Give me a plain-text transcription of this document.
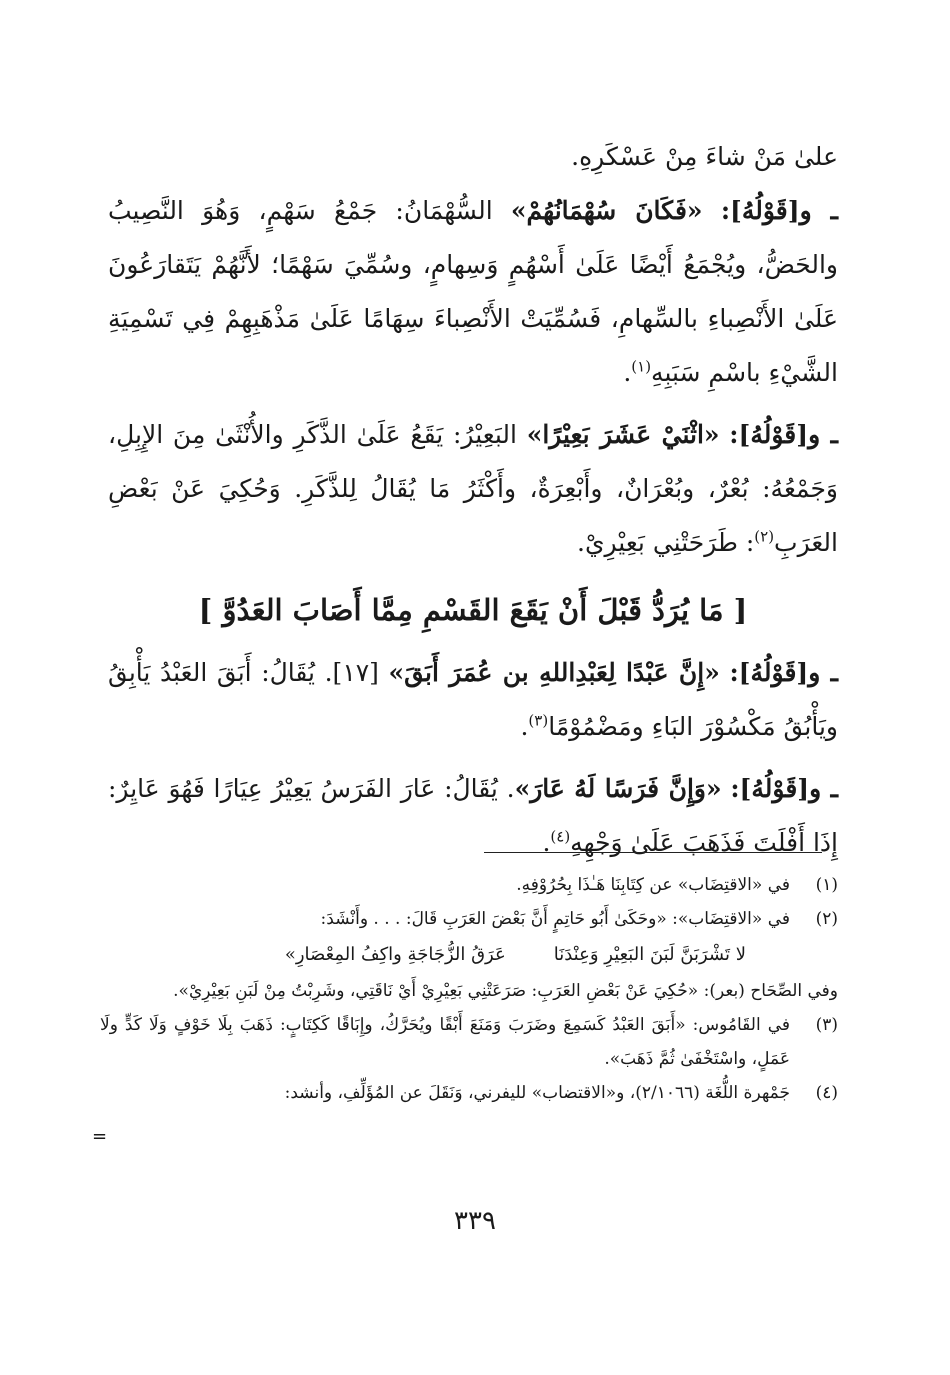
علىٰ مَنْ شاءَ مِنْ عَسْكَرِهِ.

ـ و[قَوْلُهُ]: «فَكَانَ سُهْمَانُهُمْ» السُّهْمَانُ: جَمْعُ سَهْمٍ، وَهُوَ النَّصِيبُ والحَضُّ، ويُجْمَعُ أَيْضًا عَلَىٰ أَسْهُمٍ وَسِهامٍ، وسُمِّيَ سَهْمًا؛ لأَنَّهُمْ يَتَقارَعُونَ عَلَىٰ الأَنْصِباءِ بالسِّهامِ، فَسُمِّيَتْ الأَنْصِباءَ سِهَامًا عَلَىٰ مَذْهَبِهِمْ فِي تَسْمِيَةِ الشَّيْءِ باسْمِ سَبَبِهِ$^{(١)}$.

ـ و[قَوْلُهُ]: «اثْنَيْ عَشَرَ بَعِيْرًا» البَعِيْرُ: يَقَعُ عَلَىٰ الذَّكَرِ والأُنْثَىٰ مِنَ الإِبِلِ، وَجَمْعُهُ: بُعْرٌ، وبُعْرَانٌ، وأَبْعِرَةٌ، وأَكْثَرُ مَا يُقَالُ لِلذَّكَرِ. وَحُكِيَ عَنْ بَعْضِ العَرَبِ$^{(٢)}$: طَرَحَتْنِي بَعِيْرِيْ.

[ مَا يُرَدُّ قَبْلَ أَنْ يَقَعَ القَسْمِ مِمَّا أَصَابَ العَدُوَّ ]

ـ و[قَوْلُهُ]: «إِنَّ عَبْدًا لِعَبْدِاللهِ بن عُمَرَ أَبَقَ» [١٧]. يُقَالُ: أَبَقَ العَبْدُ يَأْبِقُ ويَأْبُقُ مَكْسُوْرَ البَاءِ ومَضْمُوْمًا$^{(٣)}$.

ـ و[قَوْلُهُ]: «وَإِنَّ فَرَسًا لَهُ عَارَ». يُقَالُ: عَارَ الفَرَسُ يَعِيْرُ عِيَارًا فَهُوَ عَايِرٌ: إِذَا أَفْلَتَ فَذَهَبَ عَلَىٰ وَجْهِهِ$^{(٤)}$.

(١)
في «الاقتِضَاب» عن كِتَابِنَا هَـٰذَا بِحُرُوْفِهِ.
(٢)
في «الاقتِضَاب»: «وحَكَىٰ أَبُو حَاتِمٍ أَنَّ بَعْضَ العَرَبِ قَالَ: . . . وأَنْشَدَ:
لا تَشْرَبَنَّ لَبَنَ البَعِيْرِ وَعِنْدَنَا
عَرَقُ الزُّجَاجَةِ واكِفُ المِعْصَارِ»
وفي الصِّحَاح (بعر): «حُكِيَ عَنْ بَعْضِ العَرَبِ: صَرَعَتْنِي بَعِيْرِيْ أَيْ نَاقَتِي، وشَرِبْتُ مِنْ لَبَنِ بَعِيْرِيْ».
(٣)
في القَامُوس: «أَبَقَ العَبْدُ كَسَمِعَ وضَرَبَ وَمَنَعَ أَبْقًا ويُحَرَّكُ، وإِبَاقًا كَكِتَابٍ: ذَهَبَ بِلَا خَوْفٍ وَلَا كَدٍّ ولَا عَمَلٍ، واسْتَخْفَىٰ ثُمَّ ذَهَبَ».
(٤)
جَمْهرة اللُّغَة (٢/١٠٦٦)، و«الاقتضاب» لليفرني، وَنَقَلَ عن المُؤَلِّفِ، وأنشد:
=
٣٣٩
